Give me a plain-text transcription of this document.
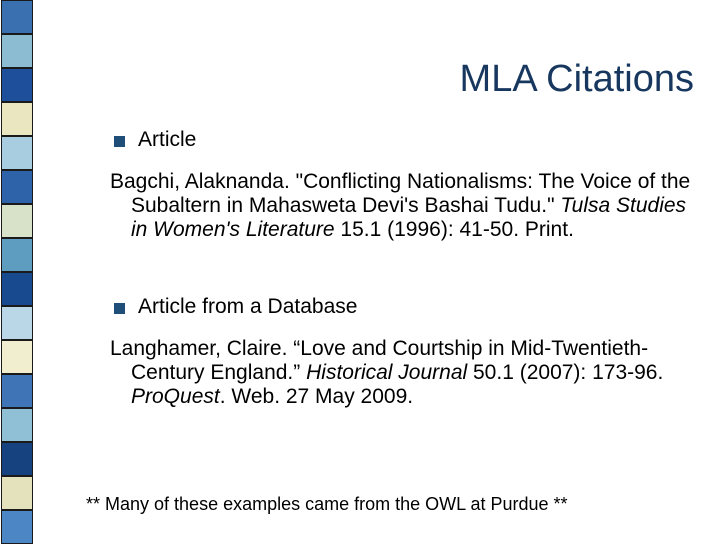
MLA Citations
Article
Bagchi, Alaknanda. "Conflicting Nationalisms: The Voice of the Subaltern in Mahasweta Devi's Bashai Tudu." Tulsa Studies in Women's Literature 15.1 (1996): 41-50. Print.
Article from a Database
Langhamer, Claire. “Love and Courtship in Mid-Twentieth-Century England.” Historical Journal 50.1 (2007): 173-96. ProQuest. Web. 27 May 2009.
** Many of these examples came from the OWL at Purdue **
